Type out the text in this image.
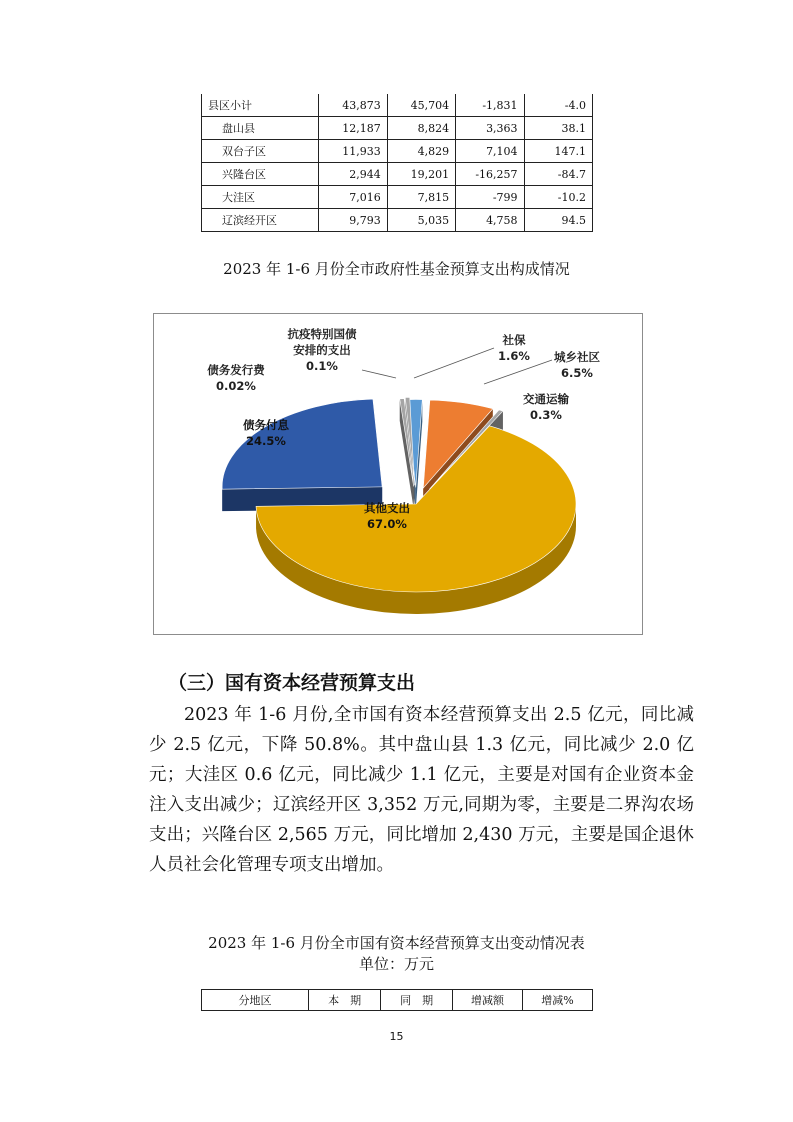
县区小计	43,873	45,704	-1,831	-4.0
盘山县	12,187	8,824	3,363	38.1
双台子区	11,933	4,829	7,104	147.1
兴隆台区	2,944	19,201	-16,257	-84.7
大洼区	7,016	7,815	-799	-10.2
辽滨经开区	9,793	5,035	4,758	94.5
2023 年 1-6 月份全市政府性基金预算支出构成情况
抗疫特别国债
安排的支出
0.1%
社保
1.6% 城乡社区
6.5%
交通运输
0.3%
其他支出
67.0%
债务付息
24.5%
债务发行费
0.02%
（三）国有资本经营预算支出
2023 年 1-6 月份,全市国有资本经营预算支出 2.5 亿元，同比减少 2.5 亿元，下降 50.8%。其中盘山县 1.3 亿元，同比减少 2.0 亿元；大洼区 0.6 亿元，同比减少 1.1 亿元，主要是对国有企业资本金注入支出减少；辽滨经开区 3,352 万元,同期为零，主要是二界沟农场支出；兴隆台区 2,565 万元，同比增加 2,430 万元，主要是国企退休人员社会化管理专项支出增加。
2023 年 1-6 月份全市国有资本经营预算支出变动情况表
单位：万元
分地区	本　期	同　期	增减额	增减%
15
